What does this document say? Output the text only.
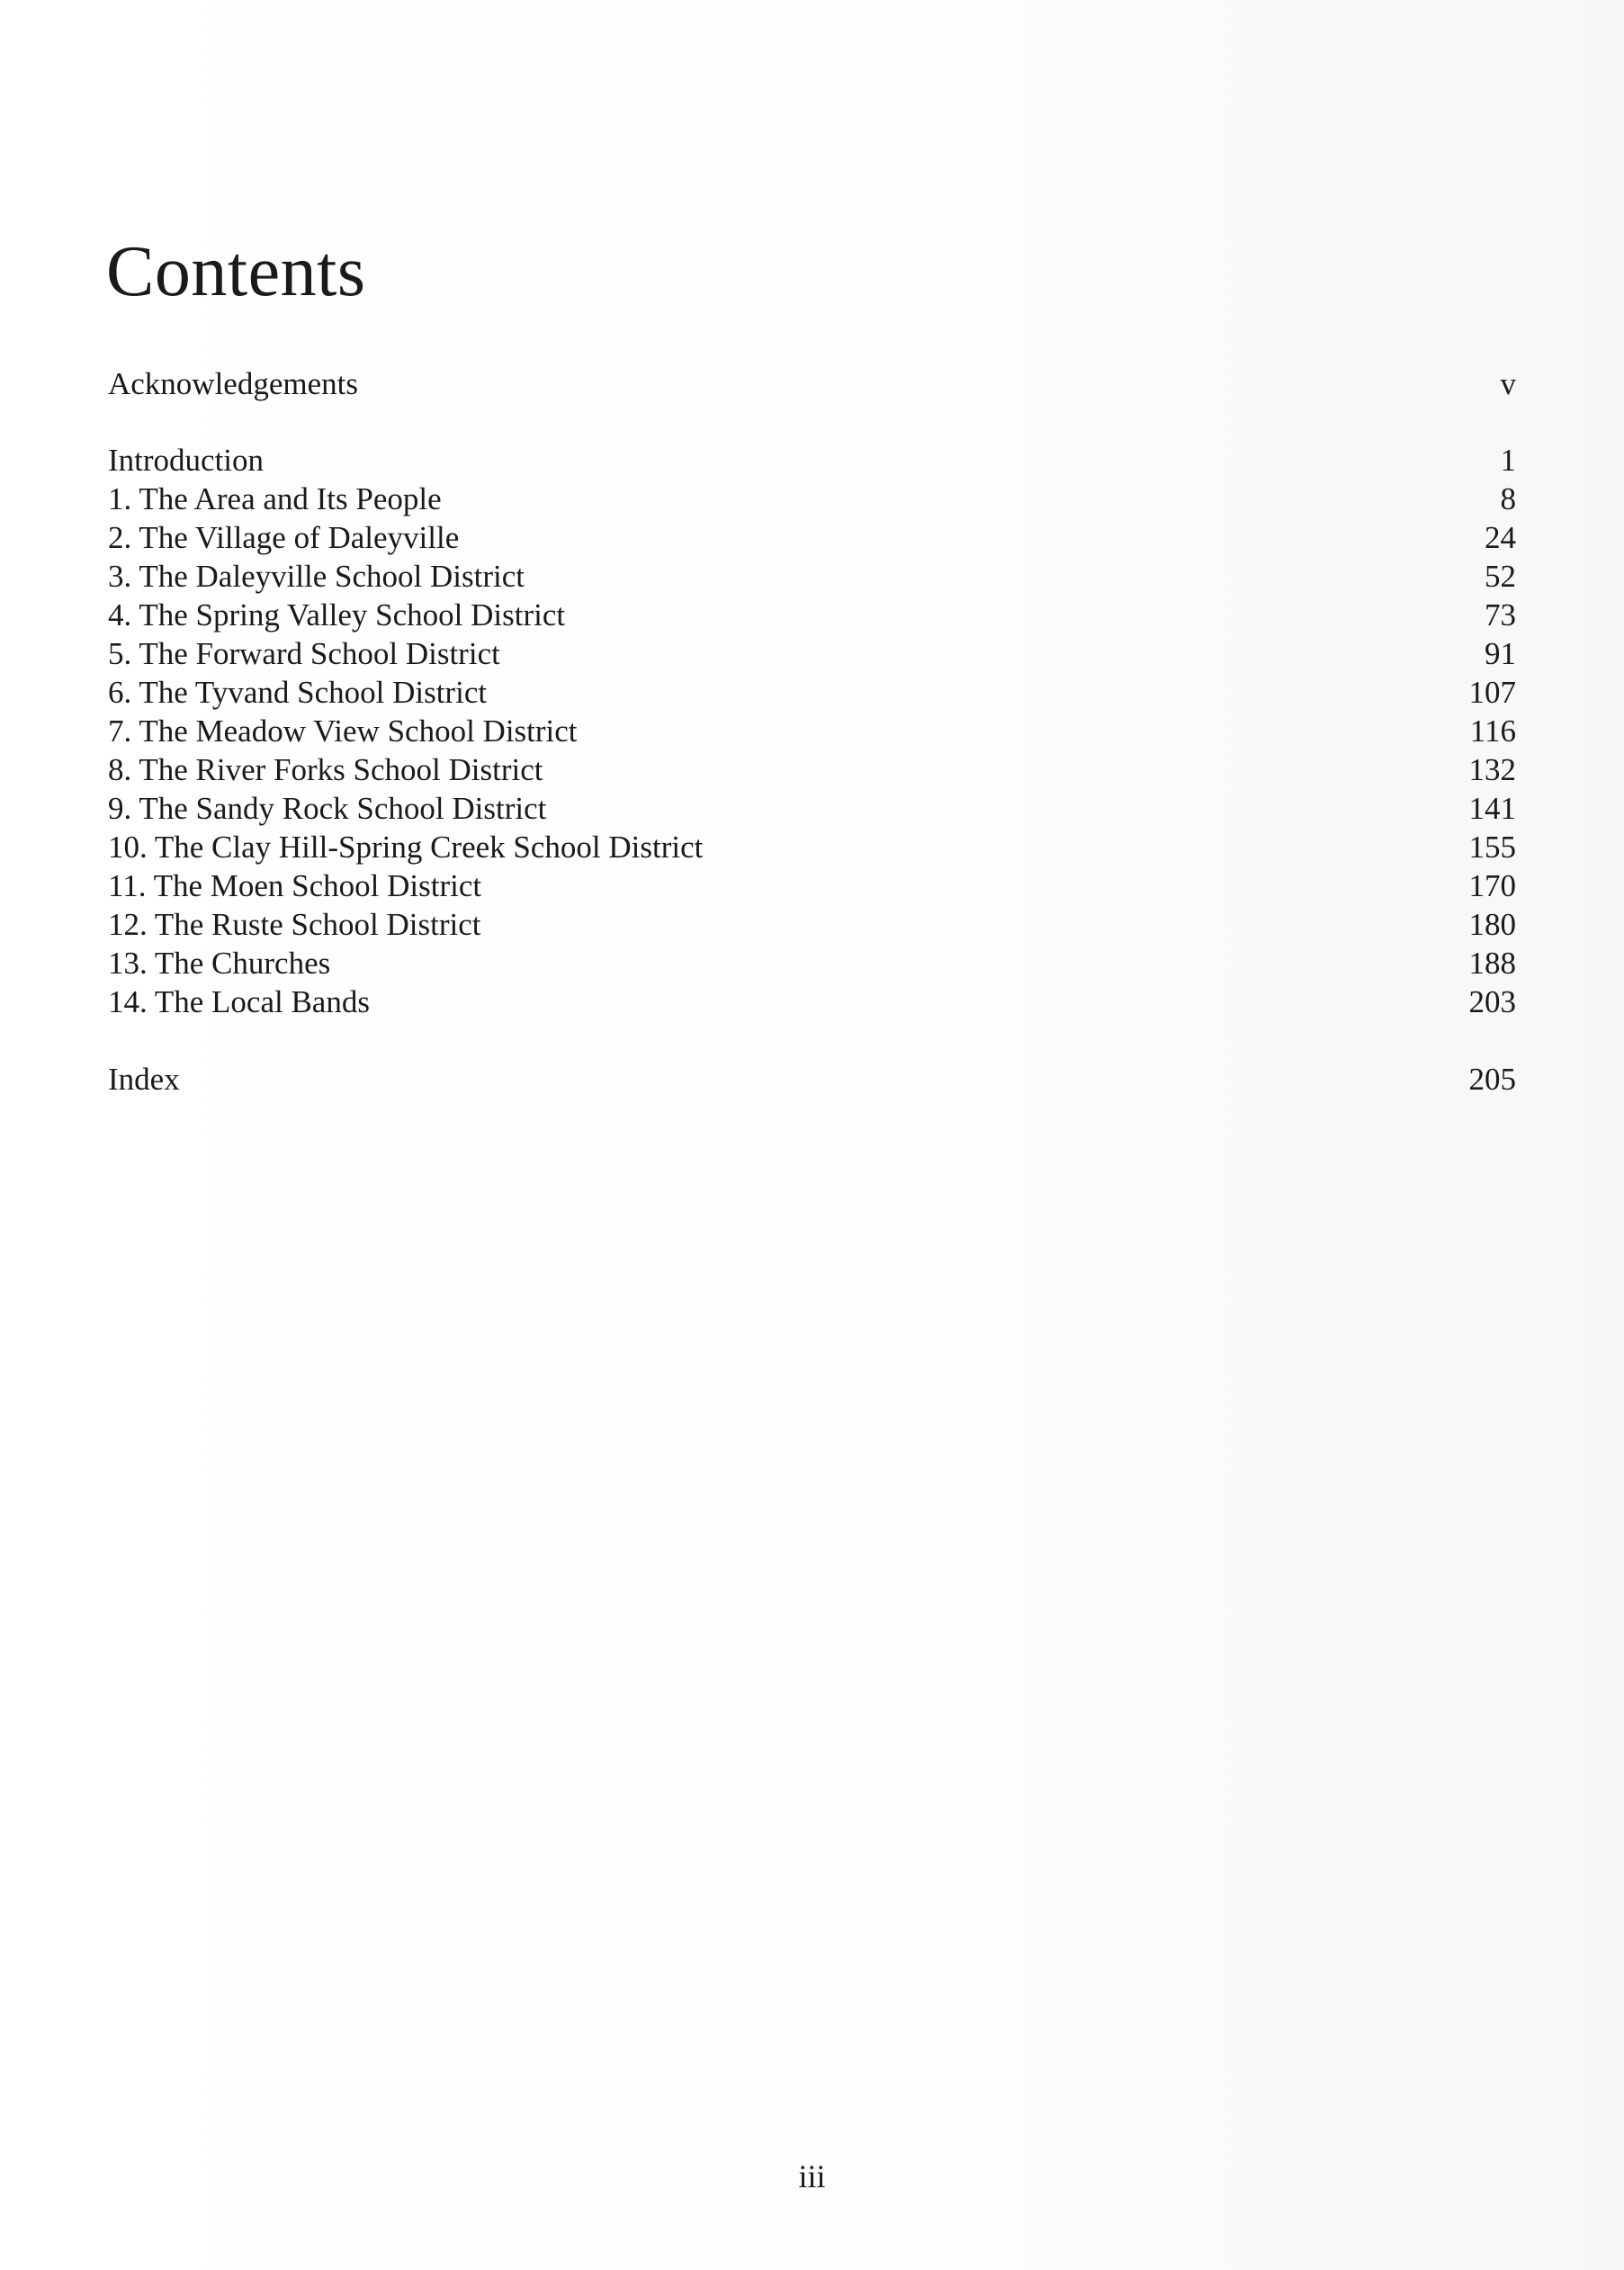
Contents
Acknowledgements	v
Introduction	1
1. The Area and Its People	8
2. The Village of Daleyville	24
3. The Daleyville School District	52
4. The Spring Valley School District	73
5. The Forward School District	91
6. The Tyvand School District	107
7. The Meadow View School District	116
8. The River Forks School District	132
9. The Sandy Rock School District	141
10. The Clay Hill-Spring Creek School District	155
11. The Moen School District	170
12. The Ruste School District	180
13. The Churches	188
14. The Local Bands	203
Index	205
iii
